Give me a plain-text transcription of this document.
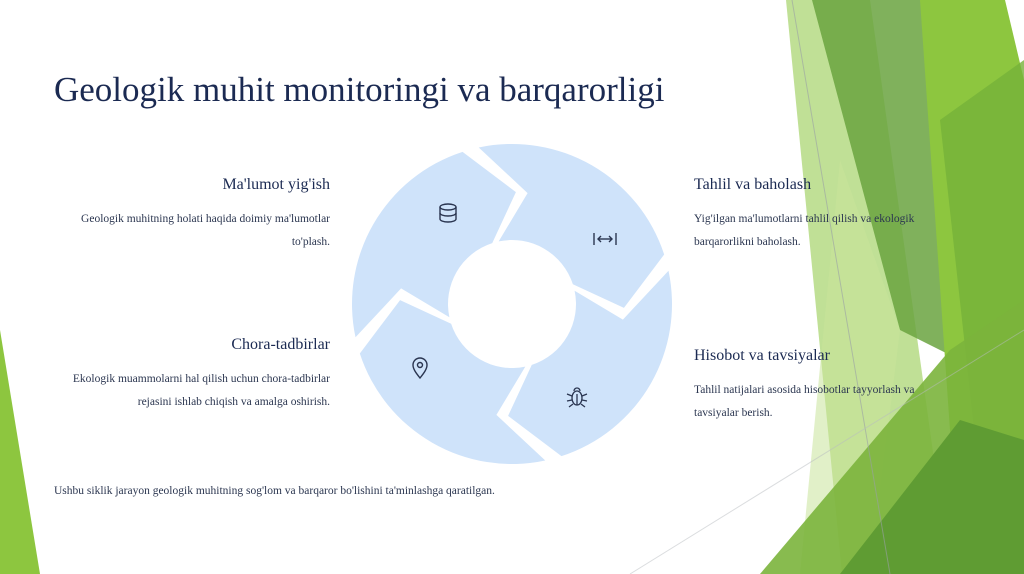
Geologik muhit monitoringi va barqarorligi
Ma'lumot yig'ish

Geologik muhitning holati haqida doimiy ma'lumotlar to'plash.

Tahlil va baholash

Yig'ilgan ma'lumotlarni tahlil qilish va ekologik barqarorlikni baholash.

Hisobot va tavsiyalar

Tahlil natijalari asosida hisobotlar tayyorlash va tavsiyalar berish.

Chora-tadbirlar

Ekologik muammolarni hal qilish uchun chora-tadbirlar rejasini ishlab chiqish va amalga oshirish.

Ushbu siklik jarayon geologik muhitning sog'lom va barqaror bo'lishini ta'minlashga qaratilgan.
